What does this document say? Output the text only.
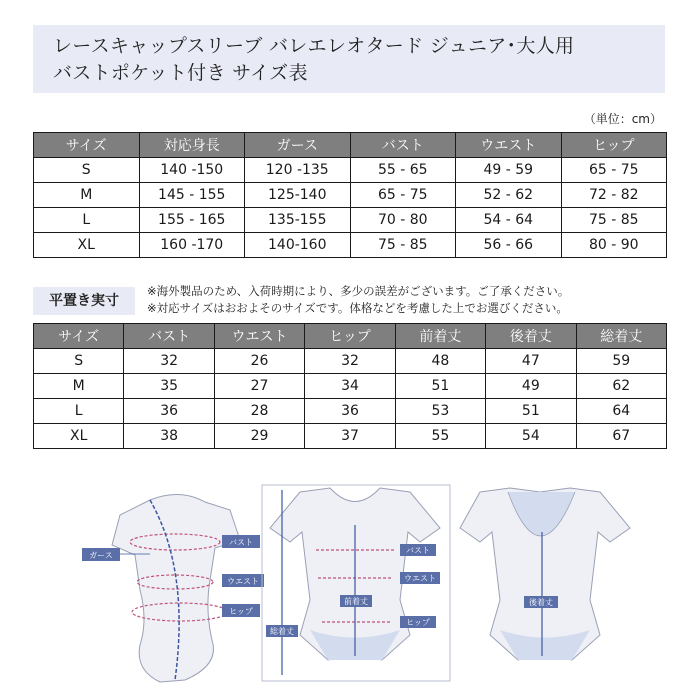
レースキャップスリーブ バレエレオタード ジュニア･大人用
バストポケット付き サイズ表
（単位：cm）
サイズ	対応身長	ガース	バスト	ウエスト	ヒップ
S	140 -150	120 -135	55 - 65	49 - 59	65 - 75
M	145 - 155	125-140	65 - 75	52 - 62	72 - 82
L	155 - 165	135-155	70 - 80	54 - 64	75 - 85
XL	160 -170	140-160	75 - 85	56 - 66	80 - 90
平置き実寸
※海外製品のため、入荷時期により、多少の誤差がございます。ご了承ください。
※対応サイズはおおよそのサイズです。体格などを考慮した上でお選びください。
サイズ	バスト	ウエスト	ヒップ	前着丈	後着丈	総着丈
S	32	26	32	48	47	59
M	35	27	34	51	49	62
L	36	28	36	53	51	64
XL	38	29	37	55	54	67
ガース
バスト
ウエスト
ヒップ
バスト
ウエスト
ヒップ
前着丈
総着丈
後着丈
